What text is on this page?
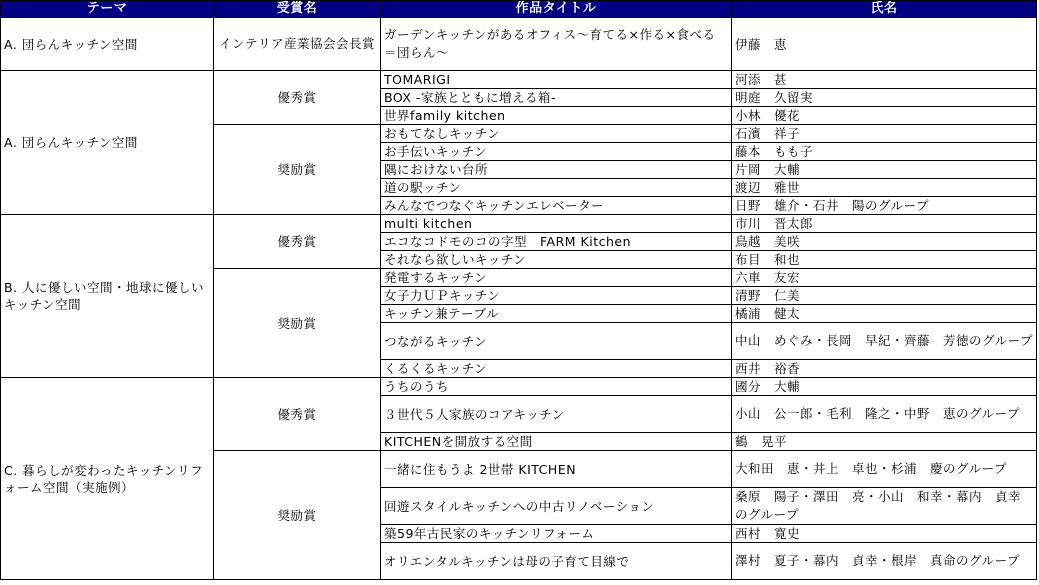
テーマ	受賞名	作品タイトル	氏名
A. 団らんキッチン空間	インテリア産業協会会長賞	ガーデンキッチンがあるオフィス～育てる×作る×食べる＝団らん～	伊藤　恵
A. 団らんキッチン空間	優秀賞	TOMARIGI	河添　甚
		BOX -家族とともに増える箱-	明庭　久留実
		世界family kitchen	小林　優花
	奨励賞	おもてなしキッチン	石濱　祥子
		お手伝いキッチン	藤本　もも子
		隅におけない台所	片岡　大輔
		道の駅ッチン	渡辺　雅世
		みんなでつなぐキッチンエレベーター	日野　雄介・石井　陽のグループ
B. 人に優しい空間・地球に優しいキッチン空間	優秀賞	multi kitchen	市川　晋太郎
		エコなコドモのコの字型　FARM Kitchen	鳥越　美咲
		それなら欲しいキッチン	布目　和也
	奨励賞	発電するキッチン	六車　友宏
		女子力ＵＰキッチン	清野　仁美
		キッチン兼テーブル	橘浦　健太
		つながるキッチン	中山　めぐみ・長岡　早紀・齊藤　芳徳のグループ
		くるくるキッチン	西井　裕香
C. 暮らしが変わったキッチンリフォーム空間（実施例）	優秀賞	うちのうち	國分　大輔
		３世代５人家族のコアキッチン	小山　公一郎・毛利　隆之・中野　恵のグループ
		KITCHENを開放する空間	鶴　晃平
	奨励賞	一緒に住もうよ 2世帯 KITCHEN	大和田　恵・井上　卓也・杉浦　慶のグループ
		回遊スタイルキッチンへの中古リノベーション	桑原　陽子・澤田　亮・小山　和幸・幕内　貞幸のグループ
		築59年古民家のキッチンリフォーム	西村　寛史
		オリエンタルキッチンは母の子育て目線で	澤村　夏子・幕内　貞幸・根岸　真命のグループ
